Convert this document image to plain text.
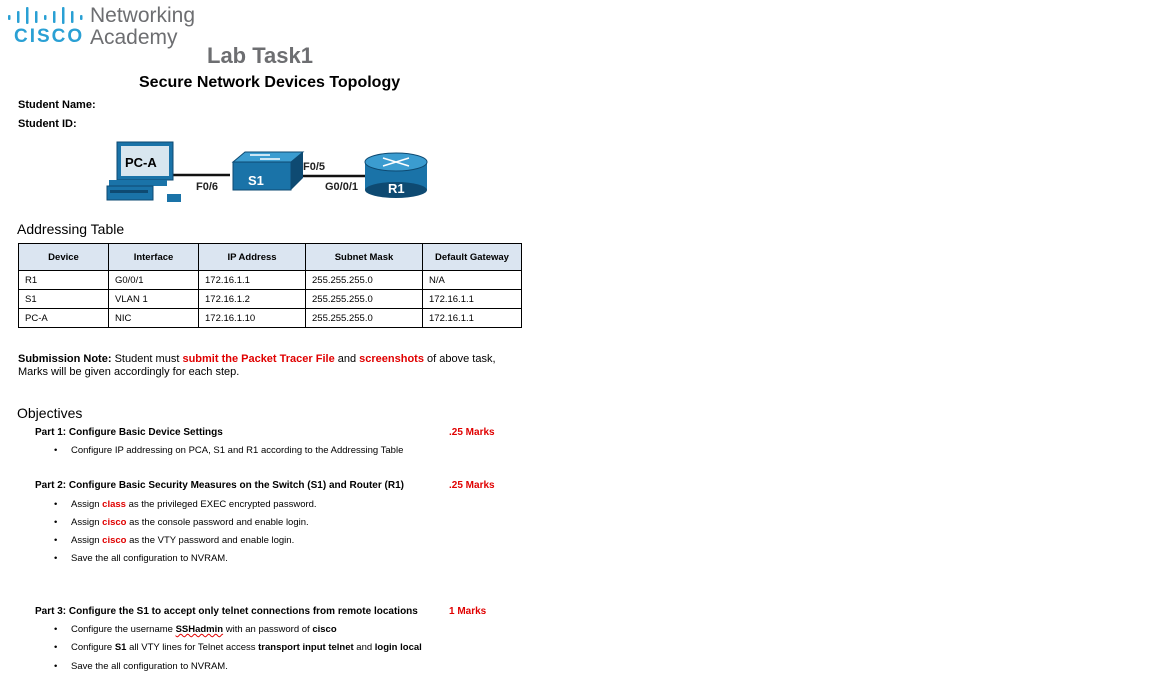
CISCO
Networking
Academy
Lab Task1
Secure Network Devices Topology
Student Name:
Student ID:
PC-A
S1
R1
F0/6
F0/5
G0/0/1
Addressing Table
Device	Interface	IP Address	Subnet Mask	Default Gateway
R1	G0/0/1	172.16.1.1	255.255.255.0	N/A
S1	VLAN 1	172.16.1.2	255.255.255.0	172.16.1.1
PC-A	NIC	172.16.1.10	255.255.255.0	172.16.1.1
Submission Note: Student must submit the Packet Tracer File and screenshots of above task,
Marks will be given accordingly for each step.
Objectives
Part 1: Configure Basic Device Settings	.25 Marks
• Configure IP addressing on PCA, S1 and R1 according to the Addressing Table
Part 2: Configure Basic Security Measures on the Switch (S1) and Router (R1)	.25 Marks
• Assign class as the privileged EXEC encrypted password.
• Assign cisco as the console password and enable login.
• Assign cisco as the VTY password and enable login.
• Save the all configuration to NVRAM.
Part 3: Configure the S1 to accept only telnet connections from remote locations	1 Marks
• Configure the username SSHadmin with an password of cisco
• Configure S1 all VTY lines for Telnet access transport input telnet and login local
• Save the all configuration to NVRAM.
